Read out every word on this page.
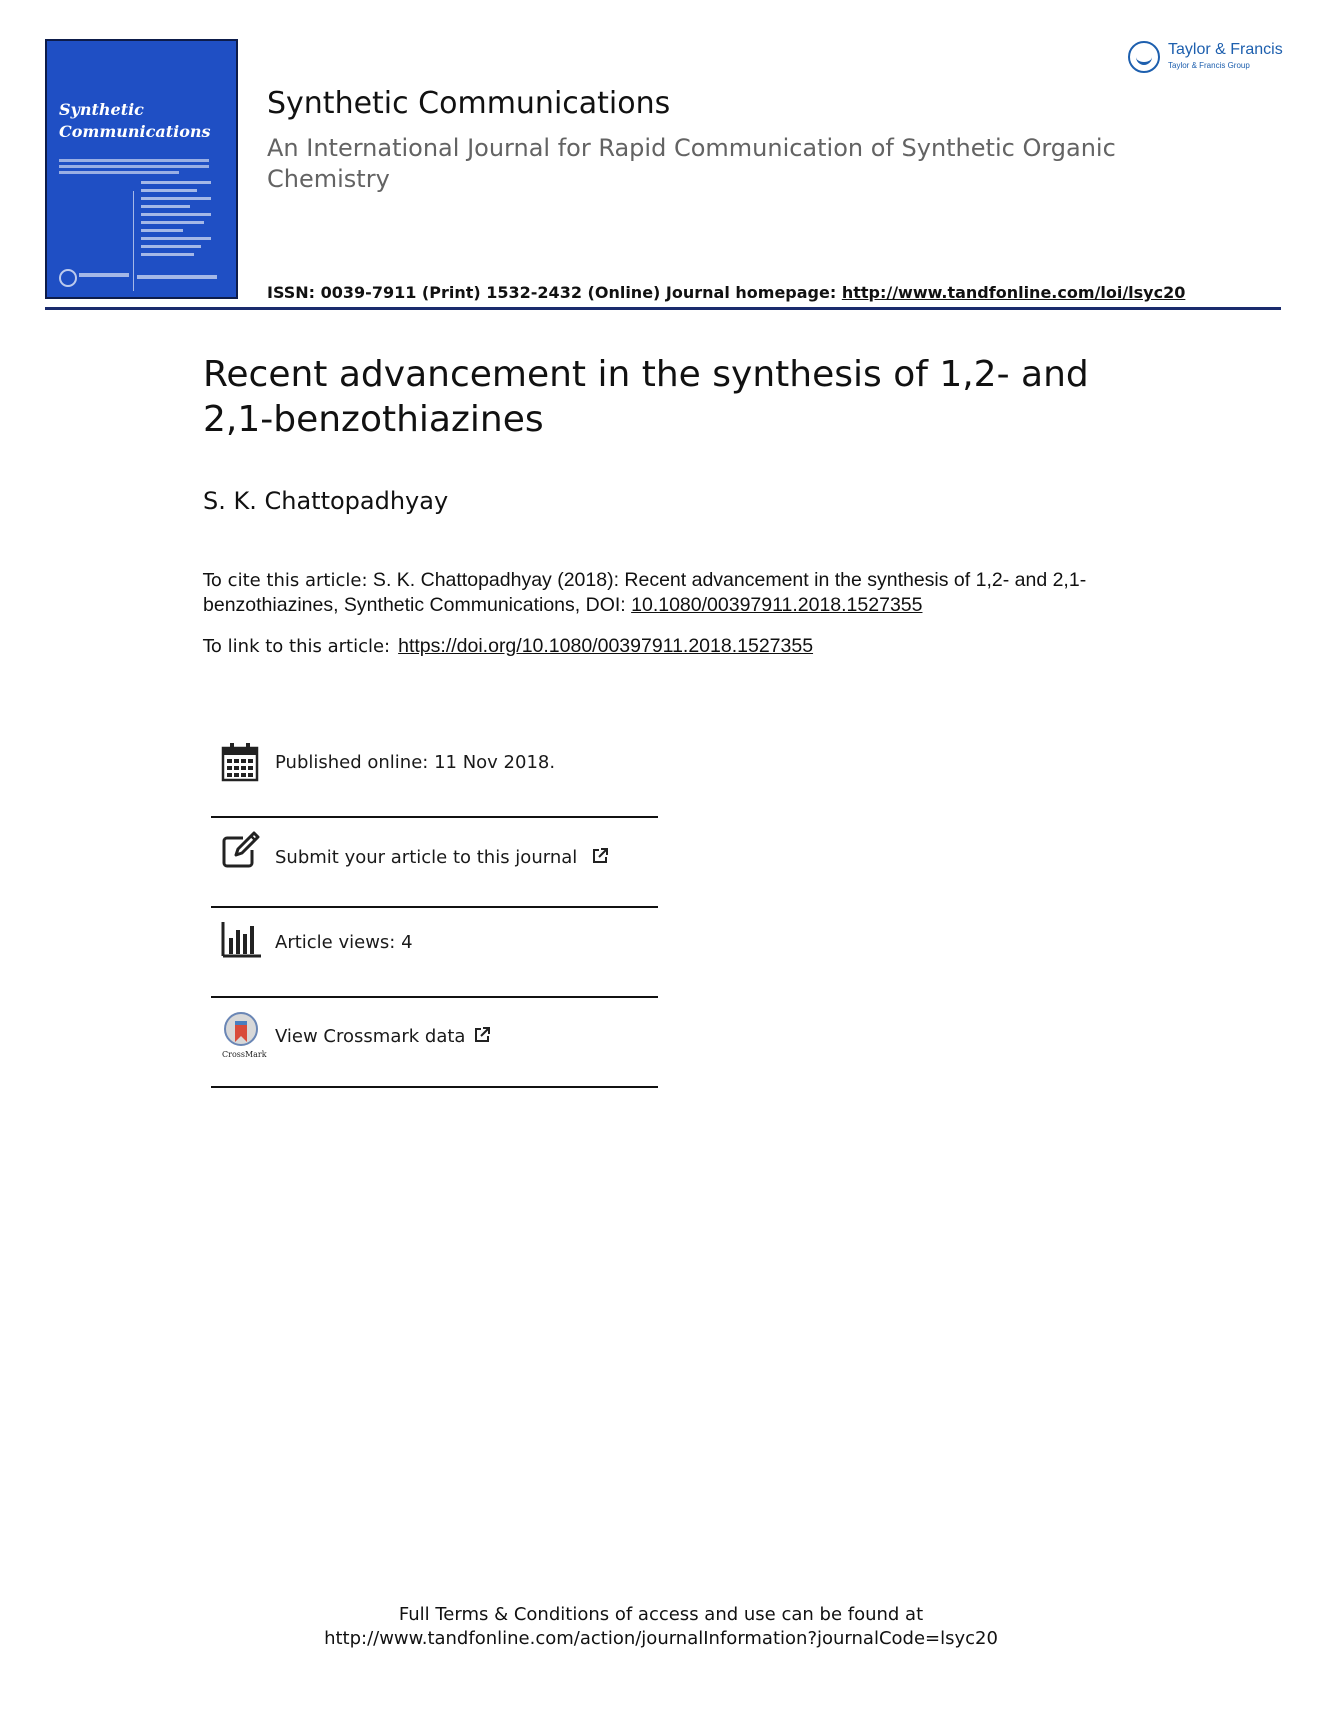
Synthetic
Communications
Taylor & Francis
Taylor & Francis Group
Synthetic Communications
An International Journal for Rapid Communication of Synthetic Organic Chemistry
ISSN: 0039-7911 (Print) 1532-2432 (Online) Journal homepage: http://www.tandfonline.com/loi/lsyc20
Recent advancement in the synthesis of 1,2- and 2,1-benzothiazines
S. K. Chattopadhyay
To cite this article: S. K. Chattopadhyay (2018): Recent advancement in the synthesis of 1,2- and 2,1-benzothiazines, Synthetic Communications, DOI: 10.1080/00397911.2018.1527355
To link to this article: https://doi.org/10.1080/00397911.2018.1527355
Published online: 11 Nov 2018.
Submit your article to this journal
Article views: 4
CrossMark
View Crossmark data
Full Terms & Conditions of access and use can be found at
http://www.tandfonline.com/action/journalInformation?journalCode=lsyc20
